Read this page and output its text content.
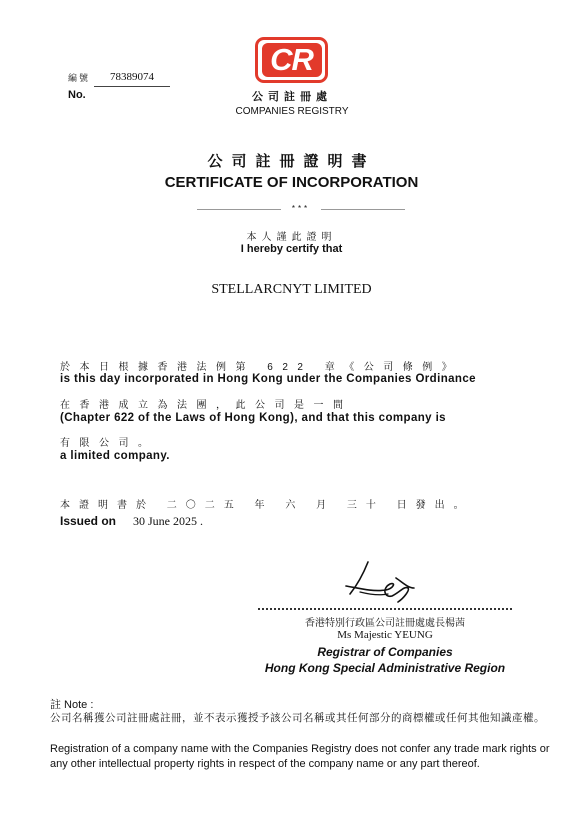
編號
No.
78389074	CR
公司註冊處
COMPANIES REGISTRY
公司註冊證明書
CERTIFICATE OF INCORPORATION
***
本人謹此證明
I hereby certify that
STELLARCNYT LIMITED
於本日根據香港法例第 622 章《公司條例》
is this day incorporated in Hong Kong under the Companies Ordinance
在香港成立為法團，此公司是一間
(Chapter 622 of the Laws of Hong Kong), and that this company is
有限公司。
a limited company.
本證明書於 二〇二五 年 六 月 三十 日發出。
Issued on 30 June 2025 .
香港特別行政區公司註冊處處長楊茜
Ms Majestic YEUNG
Registrar of Companies
Hong Kong Special Administrative Region
註 Note :
公司名稱獲公司註冊處註冊，並不表示獲授予該公司名稱或其任何部分的商標權或任何其他知識產權。
Registration of a company name with the Companies Registry does not confer any trade mark rights or any other intellectual property rights in respect of the company name or any part thereof.
